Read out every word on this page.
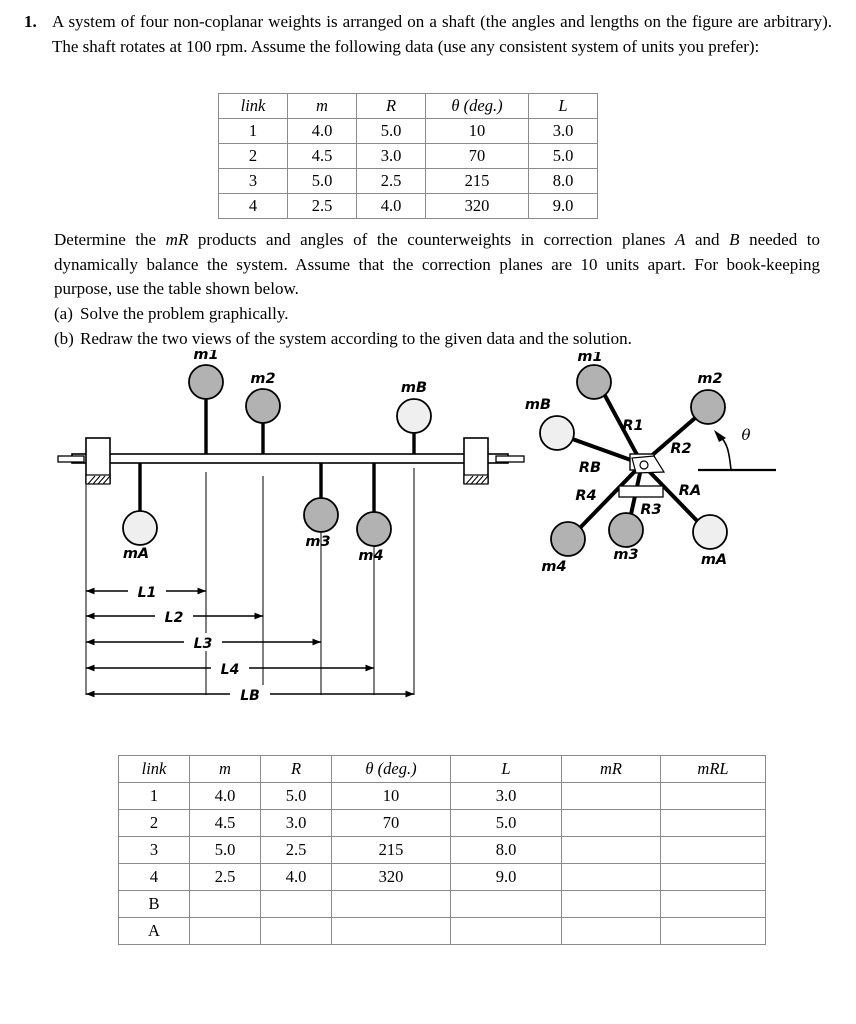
1. A system of four non-coplanar weights is arranged on a shaft (the angles and lengths on the figure are arbitrary). The shaft rotates at 100 rpm. Assume the following data (use any consistent system of units you prefer):
link	m	R	θ (deg.)	L
1	4.0	5.0	10	3.0
2	4.5	3.0	70	5.0
3	5.0	2.5	215	8.0
4	2.5	4.0	320	9.0

Determine the mR products and angles of the counterweights in correction planes A and B needed to dynamically balance the system. Assume that the correction planes are 10 units apart. For book-keeping purpose, use the table shown below.

(a) Solve the problem graphically.
(b) Redraw the two views of the system according to the given data and the solution.
m1
m2
mB
mA
m3
m4
L1
L2
L3
L4
LB
m1
m2
mB
m4
m3	mA
R1
R2
RB
R4
R3
RA
θ
link	m	R	θ (deg.)	L	mR	mRL
1	4.0	5.0	10	3.0		
2	4.5	3.0	70	5.0		
3	5.0	2.5	215	8.0		
4	2.5	4.0	320	9.0		
B						
A						
